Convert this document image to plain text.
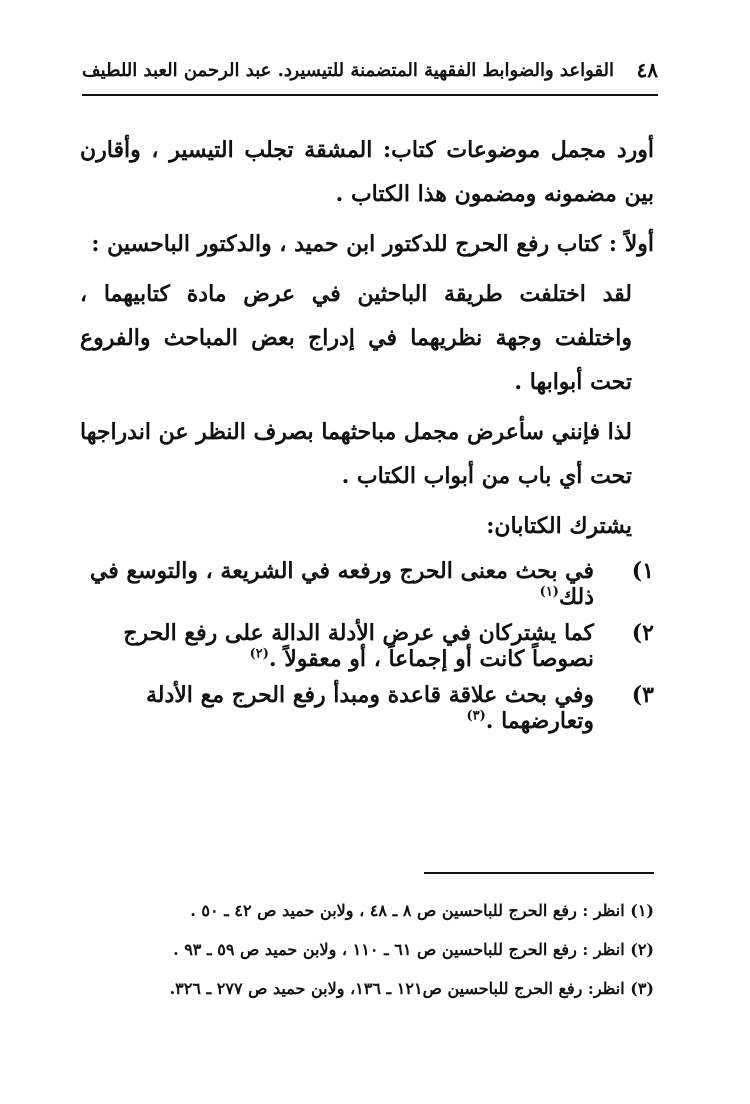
٤٨
القواعد والضوابط الفقهية المتضمنة للتيسير
د. عبد الرحمن العبد اللطيف

أورد مجمل موضوعات كتاب: المشقة تجلب التيسير ، وأقارن بين مضمونه ومضمون هذا الكتاب .

أولاً : كتاب رفع الحرج للدكتور ابن حميد ، والدكتور الباحسين :

لقد اختلفت طريقة الباحثين في عرض مادة كتابيهما ، واختلفت وجهة نظريهما في إدراج بعض المباحث والفروع تحت أبوابها .

لذا فإنني سأعرض مجمل مباحثهما بصرف النظر عن اندراجها تحت أي باب من أبواب الكتاب .

يشترك الكتابان:

١)
في بحث معنى الحرج ورفعه في الشريعة ، والتوسع في ذلك$^{(١)}$
٢)
كما يشتركان في عرض الأدلة الدالة على رفع الحرج نصوصاً كانت أو إجماعاً ، أو معقولاً .$^{(٢)}$
٣)
وفي بحث علاقة قاعدة ومبدأ رفع الحرج مع الأدلة وتعارضهما .$^{(٣)}$

(١) انظر : رفع الحرج للباحسين ص ٨ ـ ٤٨ ، ولابن حميد ص ٤٢ ـ ٥٠ .

(٢) انظر : رفع الحرج للباحسين ص ٦١ ـ ١١٠ ، ولابن حميد ص ٥٩ ـ ٩٣ .

(٣) انظر: رفع الحرج للباحسين ص١٢١ ـ ١٣٦، ولابن حميد ص ٢٧٧ ـ ٣٢٦.
